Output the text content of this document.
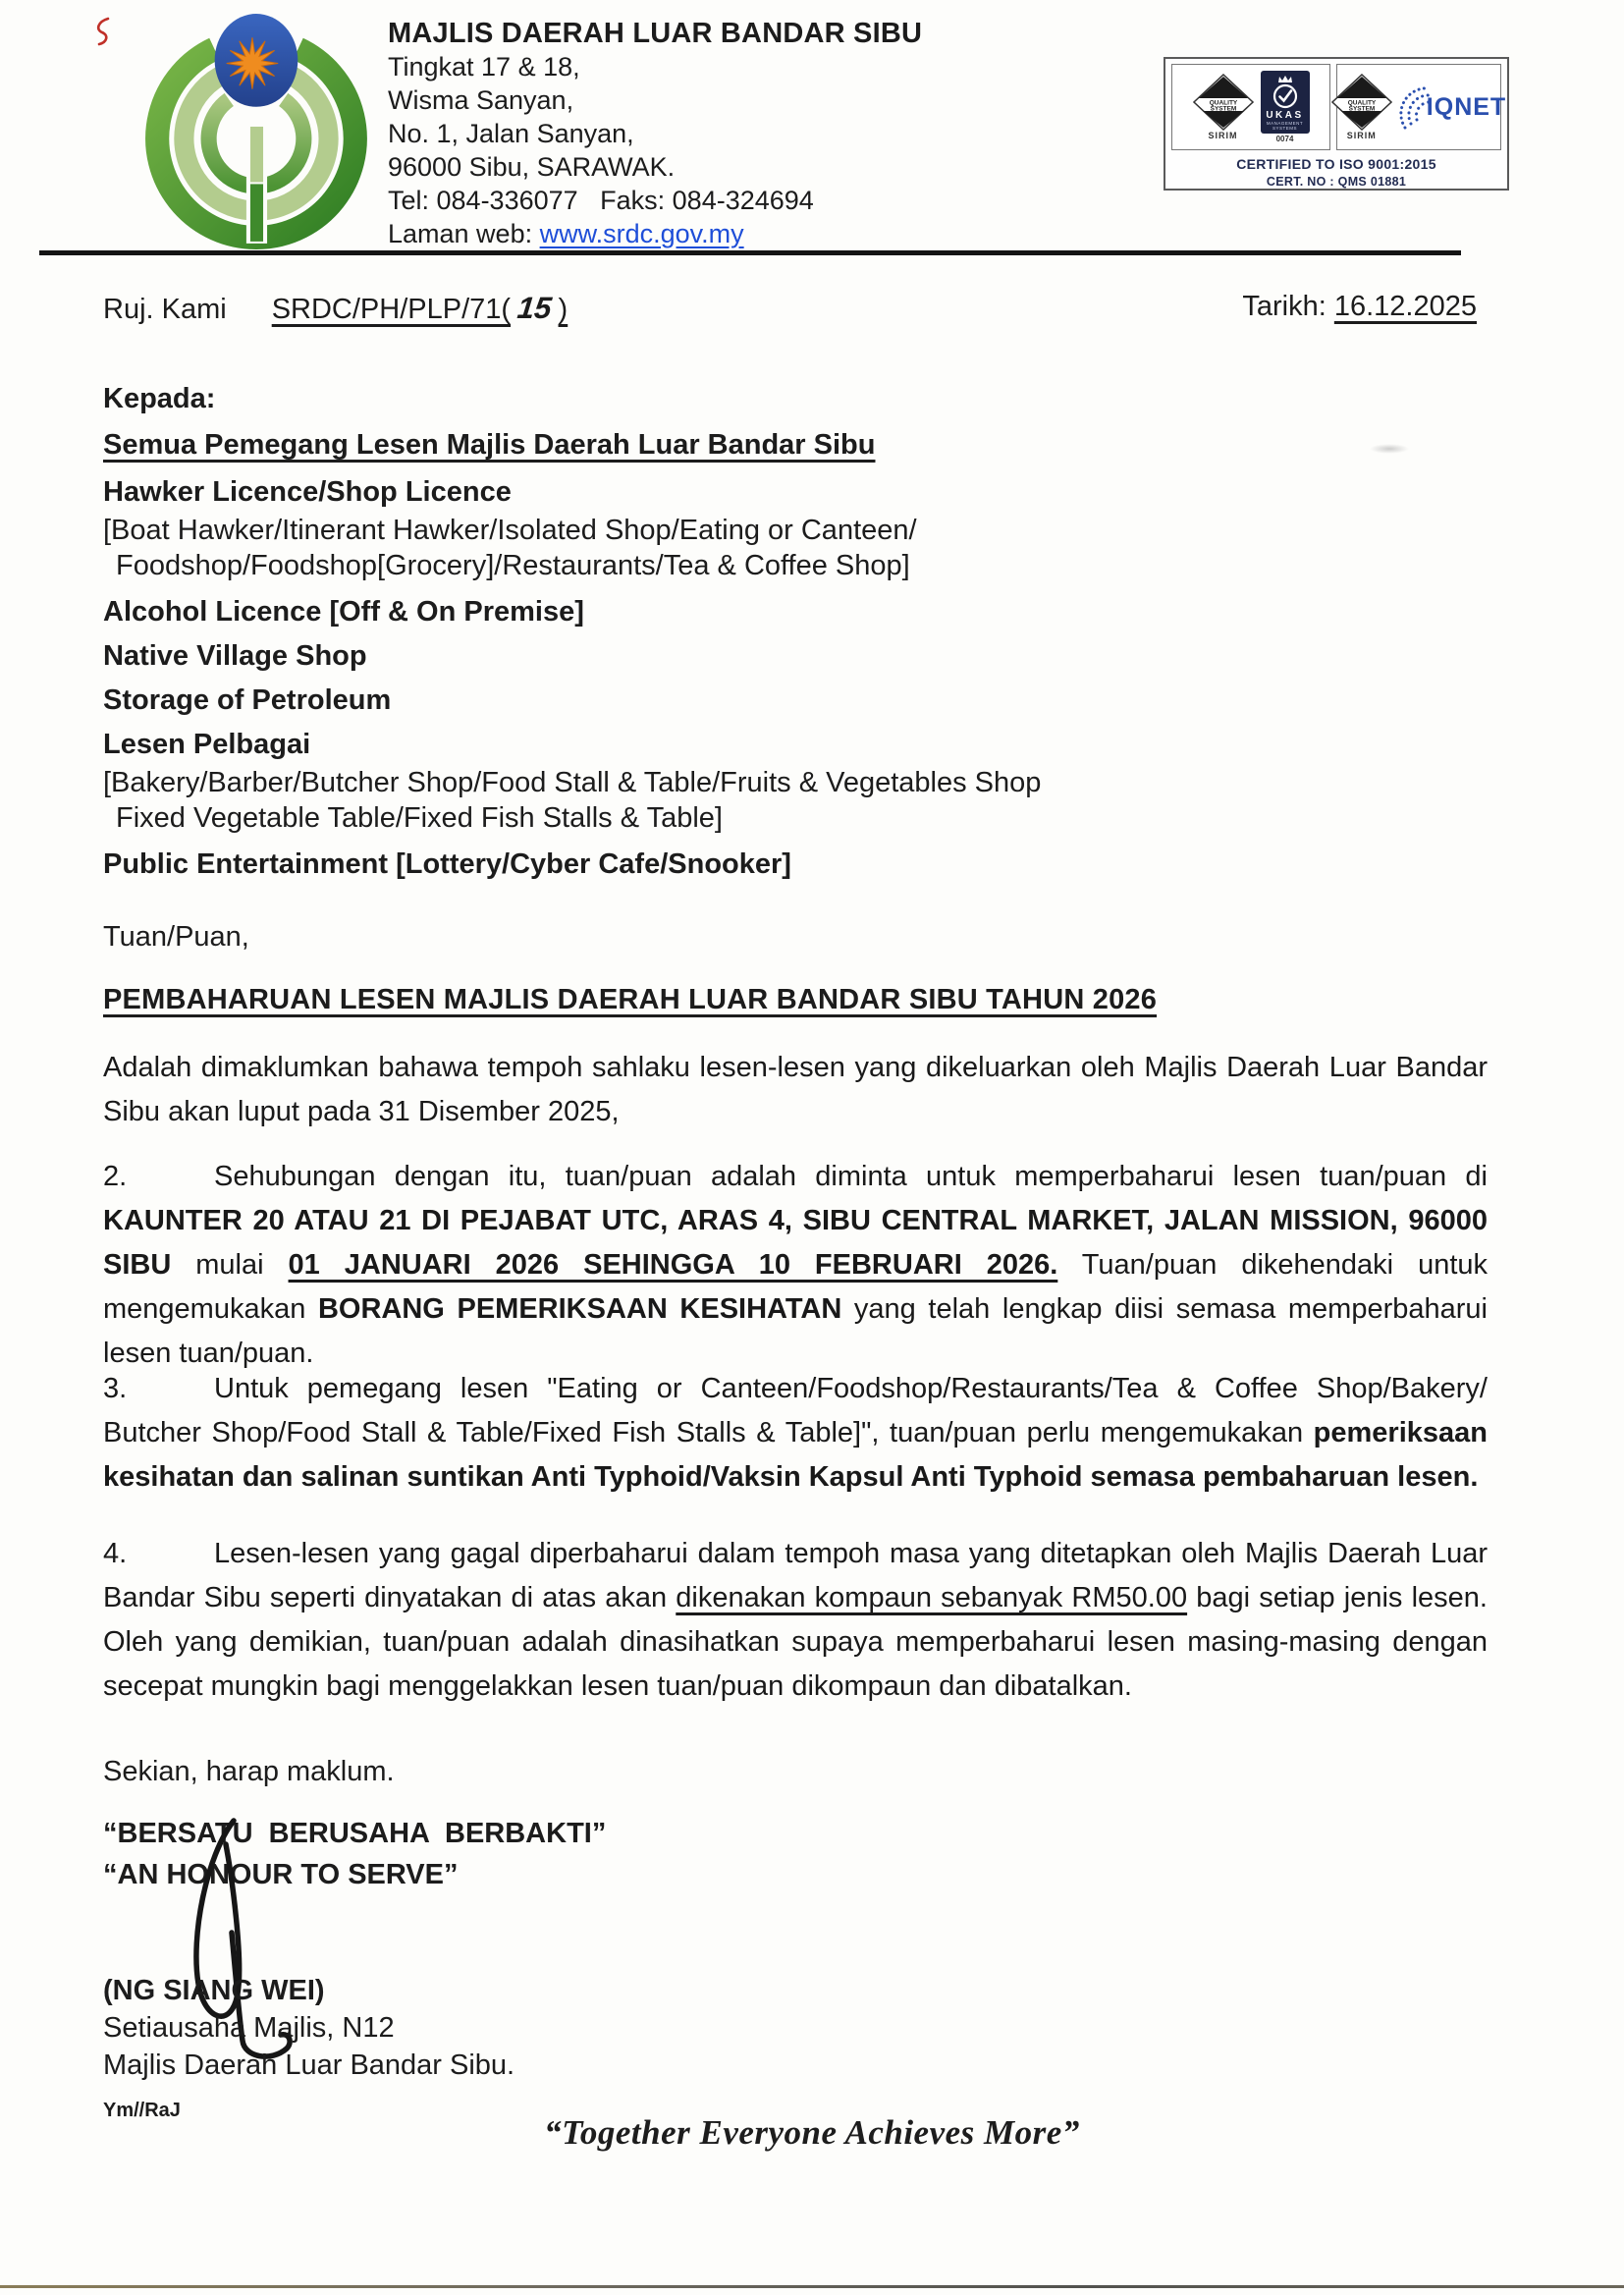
MAJLIS DAERAH LUAR BANDAR SIBU
Tingkat 17 & 18,
Wisma Sanyan,
No. 1, Jalan Sanyan,
96000 Sibu, SARAWAK.
Tel: 084-336077   Faks: 084-324694
Laman web: www.srdc.gov.my
QUALITY
SYSTEM
SIRIM
UKAS
MANAGEMENT
SYSTEMS
0074
QUALITY
SYSTEM
SIRIM
IQNET
CERTIFIED TO ISO 9001:2015
CERT. NO : QMS 01881
Ruj. Kami SRDC/PH/PLP/71( 15 )	Tarikh: 16.12.2025
Kepada:
Semua Pemegang Lesen Majlis Daerah Luar Bandar Sibu
Hawker Licence/Shop Licence
[Boat Hawker/Itinerant Hawker/Isolated Shop/Eating or Canteen/
Foodshop/Foodshop[Grocery]/Restaurants/Tea & Coffee Shop]
Alcohol Licence [Off & On Premise]
Native Village Shop
Storage of Petroleum
Lesen Pelbagai
[Bakery/Barber/Butcher Shop/Food Stall & Table/Fruits & Vegetables Shop
Fixed Vegetable Table/Fixed Fish Stalls & Table]
Public Entertainment [Lottery/Cyber Cafe/Snooker]
Tuan/Puan,
PEMBAHARUAN LESEN MAJLIS DAERAH LUAR BANDAR SIBU TAHUN 2026
Adalah dimaklumkan bahawa tempoh sahlaku lesen-lesen yang dikeluarkan oleh Majlis Daerah Luar Bandar Sibu akan luput pada 31 Disember 2025,
2.	Sehubungan dengan itu, tuan/puan adalah diminta untuk memperbaharui lesen tuan/puan di KAUNTER 20 ATAU 21 DI PEJABAT UTC, ARAS 4, SIBU CENTRAL MARKET, JALAN MISSION, 96000 SIBU mulai 01 JANUARI 2026 SEHINGGA 10 FEBRUARI 2026. Tuan/puan dikehendaki untuk mengemukakan BORANG PEMERIKSAAN KESIHATAN yang telah lengkap diisi semasa memperbaharui lesen tuan/puan.
3.	Untuk pemegang lesen "Eating or Canteen/Foodshop/Restaurants/Tea & Coffee Shop/Bakery/ Butcher Shop/Food Stall & Table/Fixed Fish Stalls & Table]", tuan/puan perlu mengemukakan pemeriksaan kesihatan dan salinan suntikan Anti Typhoid/Vaksin Kapsul Anti Typhoid semasa pembaharuan lesen.
4.	Lesen-lesen yang gagal diperbaharui dalam tempoh masa yang ditetapkan oleh Majlis Daerah Luar Bandar Sibu seperti dinyatakan di atas akan dikenakan kompaun sebanyak RM50.00 bagi setiap jenis lesen. Oleh yang demikian, tuan/puan adalah dinasihatkan supaya memperbaharui lesen masing-masing dengan secepat mungkin bagi menggelakkan lesen tuan/puan dikompaun dan dibatalkan.
Sekian, harap maklum.
“BERSATU  BERUSAHA  BERBAKTI”
“AN HONOUR TO SERVE”
(NG SIANG WEI)
Setiausaha Majlis, N12
Majlis Daerah Luar Bandar Sibu.
Ym//RaJ
“Together Everyone Achieves More”
